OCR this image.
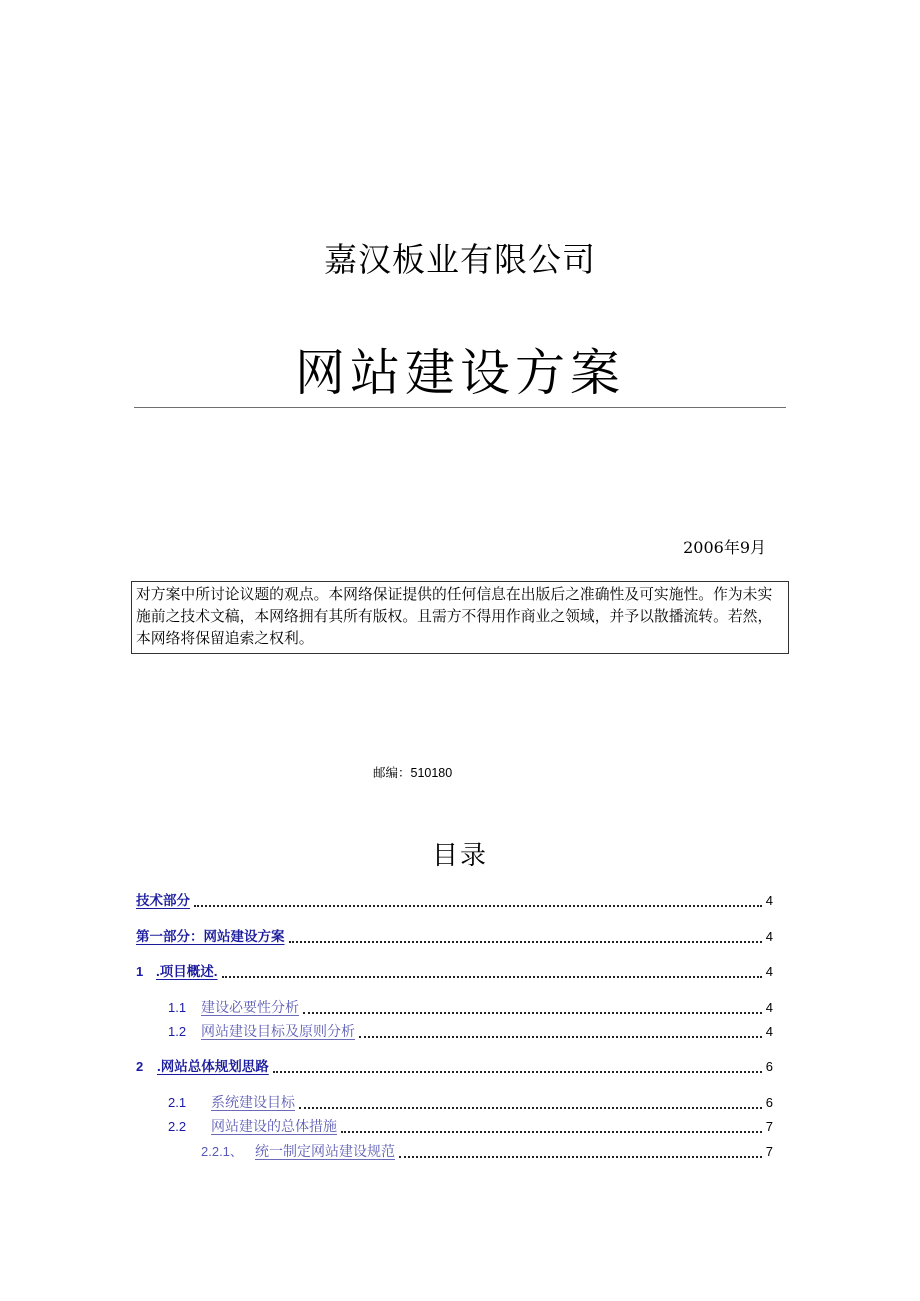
嘉汉板业有限公司
网站建设方案
2006年9月
对方案中所讨论议题的观点。本网络保证提供的任何信息在出版后之准确性及可实施性。作为未实施前之技术文稿，本网络拥有其所有版权。且需方不得用作商业之领域，并予以散播流转。若然，本网络将保留追索之权利。
邮编：510180
目录
技术部分	4
第一部分：网站建设方案	4
1 .项目概述.	4
1.1	建设必要性分析	4
1.2	网站建设目标及原则分析	4
2	.网站总体规划思路	6
2.1	系统建设目标	6
2.2	网站建设的总体措施	7
2.2.1、 统一制定网站建设规范	7
